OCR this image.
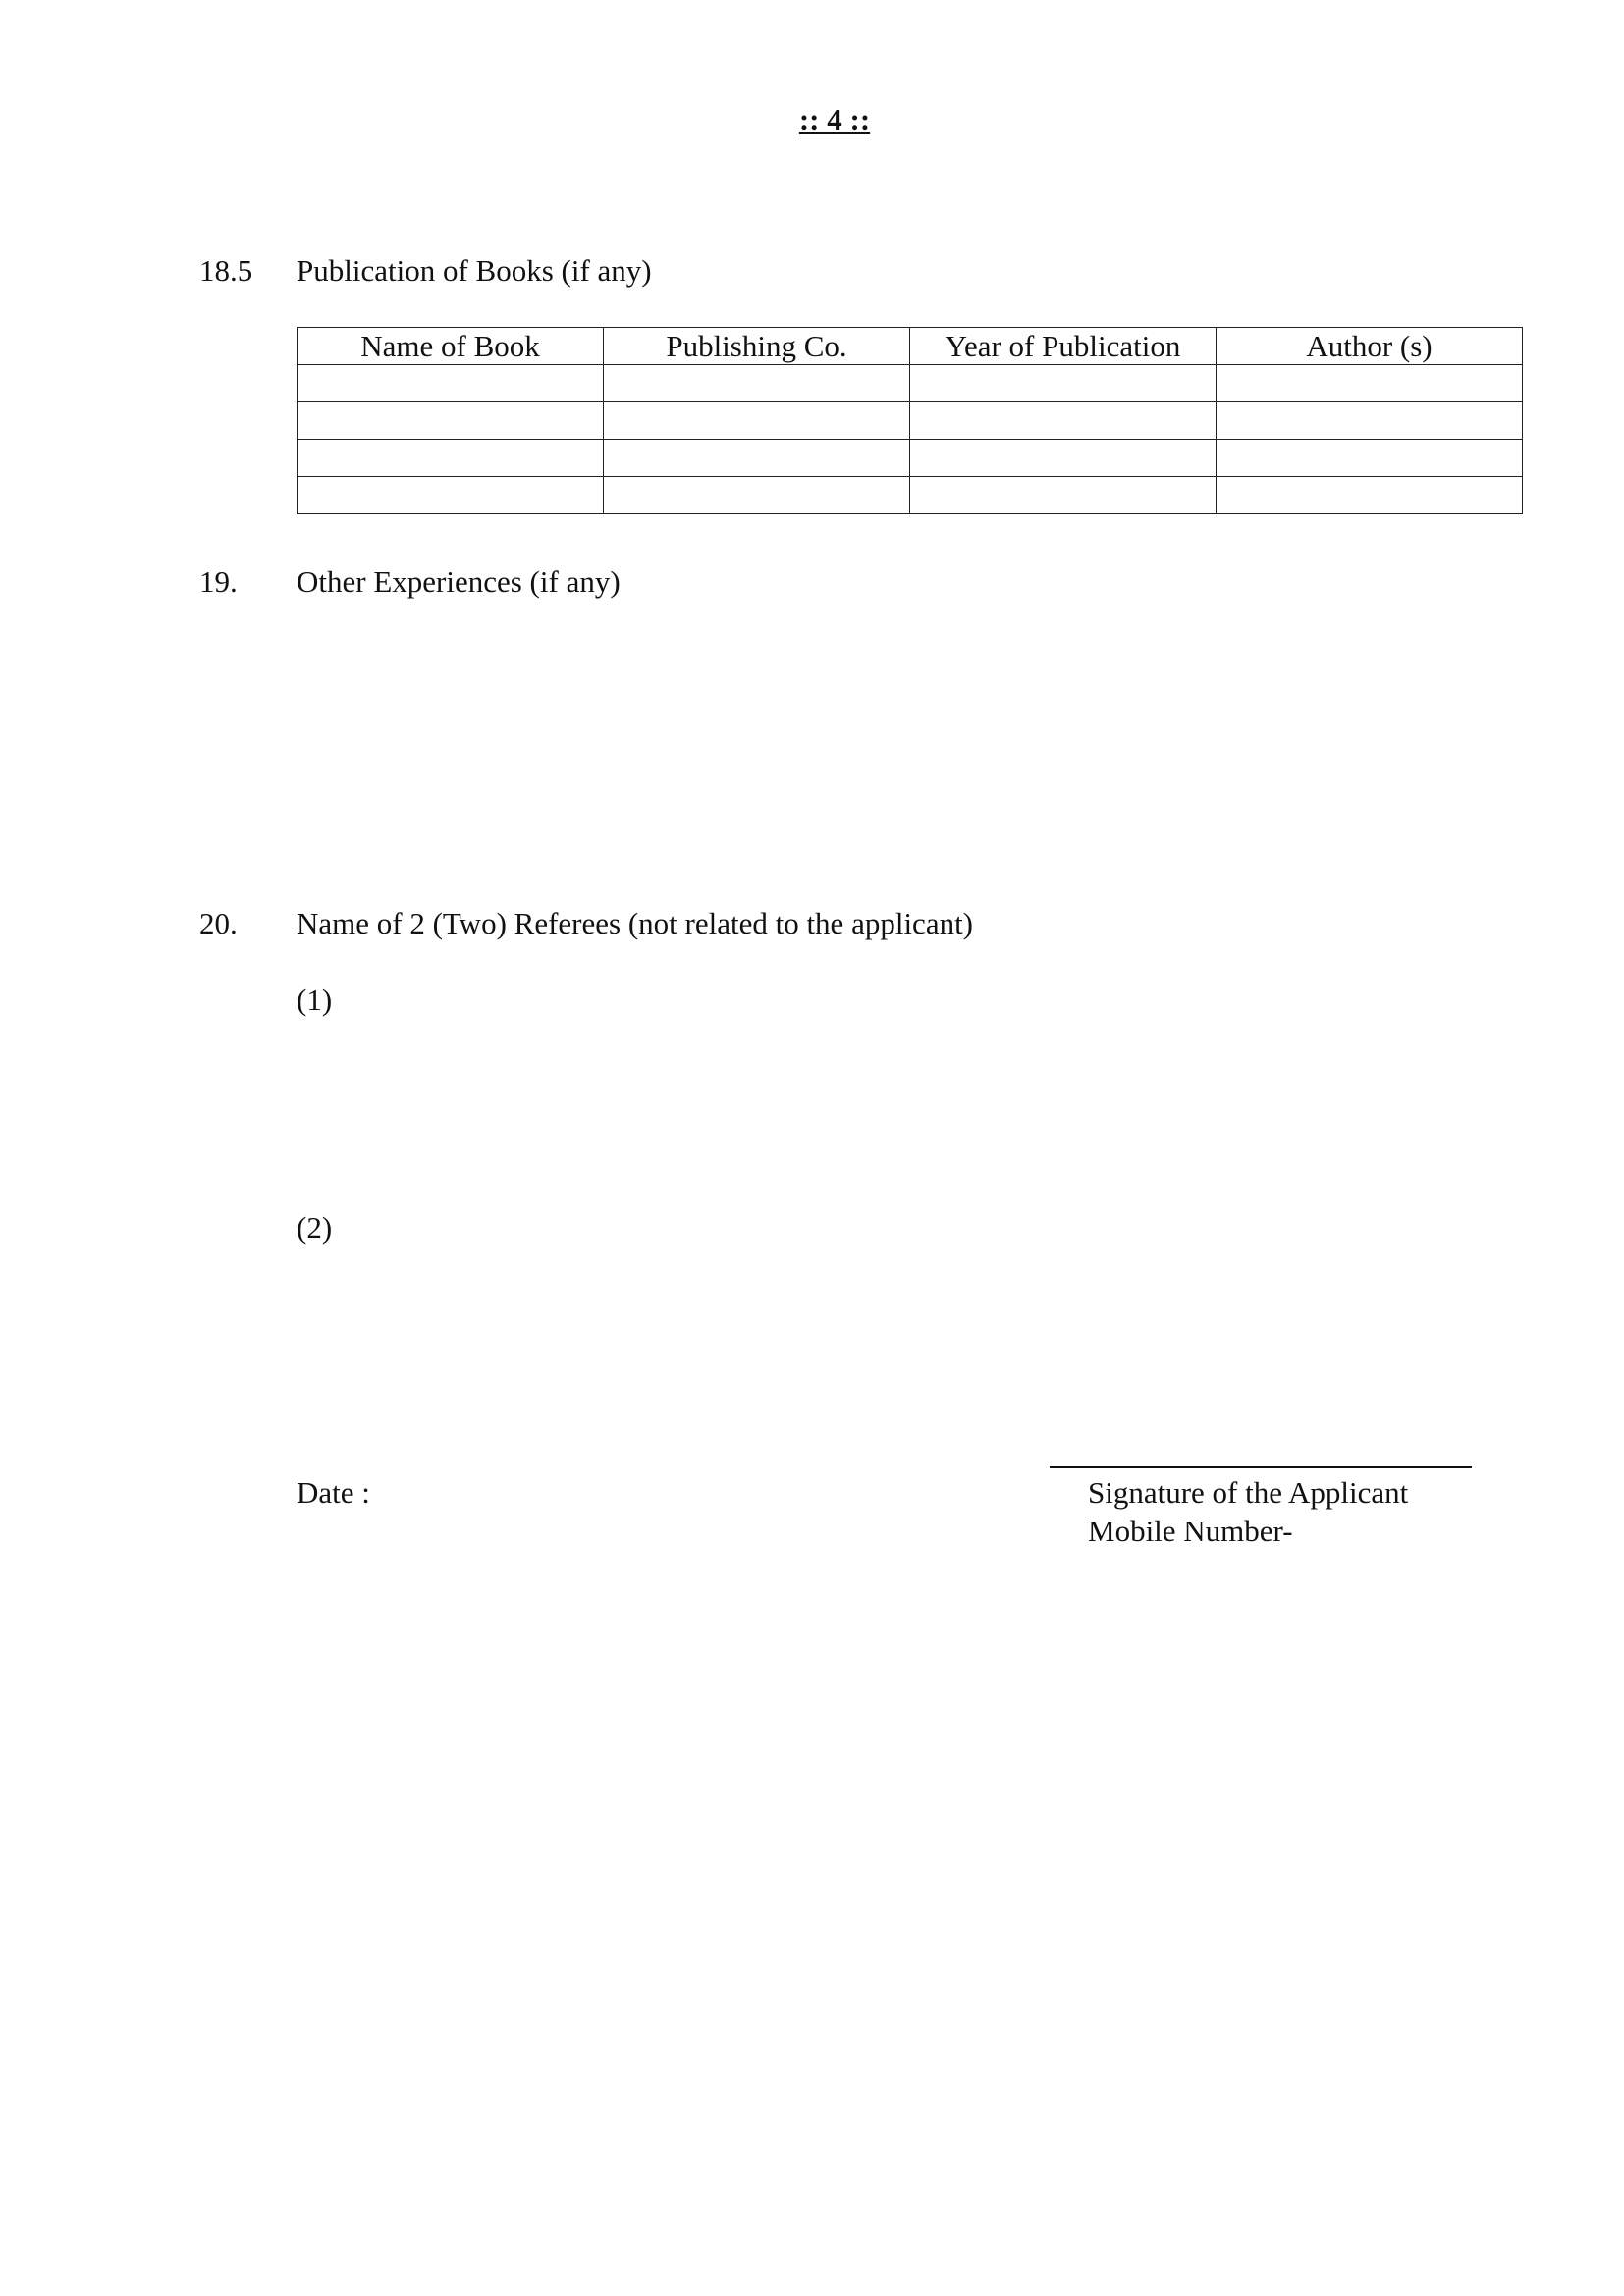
:: 4 ::
18.5 Publication of Books (if any)
Name of Book	Publishing Co.	Year of Publication	Author (s)

19. Other Experiences (if any)
20. Name of 2 (Two) Referees (not related to the applicant)
(1)
(2)
Date :	Signature of the Applicant
Mobile Number-
